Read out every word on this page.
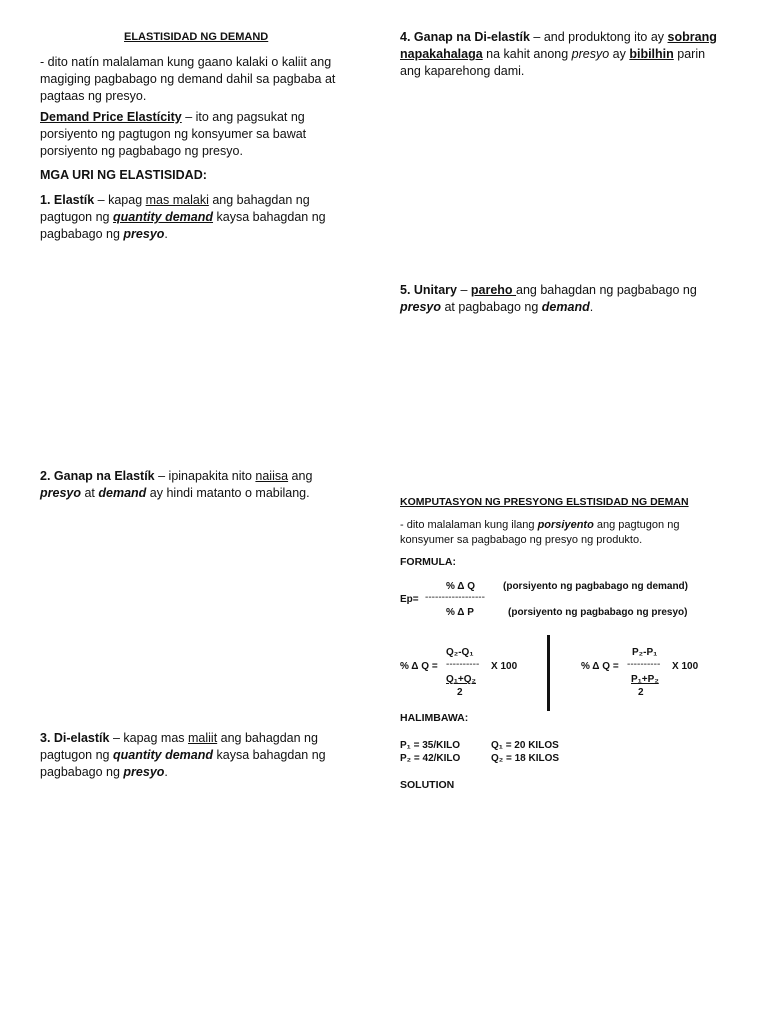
ELASTISIDAD NG DEMAND
- dito natín malalaman kung gaano kalaki o kaliit ang magiging pagbabago ng demand dahil sa pagbaba at pagtaas ng presyo.
Demand Price Elastícity – ito ang pagsukat ng porsiyento ng pagtugon ng konsyumer sa bawat porsiyento ng pagbabago ng presyo.
MGA URI NG ELASTISIDAD:
1. Elastík – kapag mas malaki ang bahagdan ng pagtugon ng quantity demand kaysa bahagdan ng pagbabago ng presyo.
2. Ganap na Elastík – ipinapakita nito naiisa ang presyo at demand ay hindi matanto o mabilang.
3. Di-elastík – kapag mas maliit ang bahagdan ng pagtugon ng quantity demand kaysa bahagdan ng pagbabago ng presyo.
4. Ganap na Di-elastík – and produktong ito ay sobrang napakahalaga na kahit anong presyo ay bibilhin parin ang kaparehong dami.
5. Unitary – pareho ang bahagdan ng pagbabago ng presyo at pagbabago ng demand.
KOMPUTASYON NG PRESYONG ELSTISIDAD NG DEMAN
- dito malalaman kung ilang porsiyento ang pagtugon ng konsyumer sa pagbabago ng presyo ng produkto.
FORMULA:
% Δ Q	(porsiyento ng pagbabago ng demand)
Ep= ------------------
% Δ P	(porsiyento ng pagbabago ng presyo)
Q₂-Q₁
% Δ Q = ---------- X 100
Q₁+Q₂
2
P₂-P₁
% Δ Q = ---------- X 100
P₁+P₂
2
HALIMBAWA:
P₁ = 35/KILO	Q₁ = 20 KILOS
P₂ = 42/KILO	Q₂ = 18 KILOS
SOLUTION
